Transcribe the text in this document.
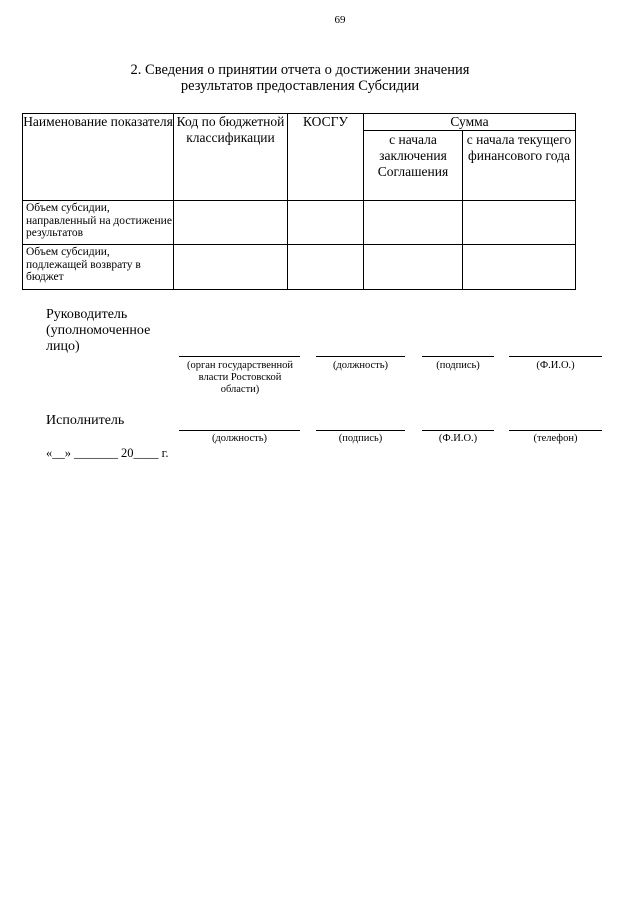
69
2. Сведения о принятии отчета о достижении значения
результатов предоставления Субсидии
Наименование показателя	Код по бюджетной классификации	КОСГУ	Сумма	
			с начала заключения Соглашения	с начала текущего финансового года
Объем субсидии, направленный на достижение результатов				
Объем субсидии, подлежащей возврату в бюджет				
Руководитель (уполномоченное лицо)
(орган государственной власти Ростовской области)
(должность)	(подпись)	(Ф.И.О.)
Исполнитель
(должность)	(подпись)	(Ф.И.О.)	(телефон)
«__» _______ 20____ г.
